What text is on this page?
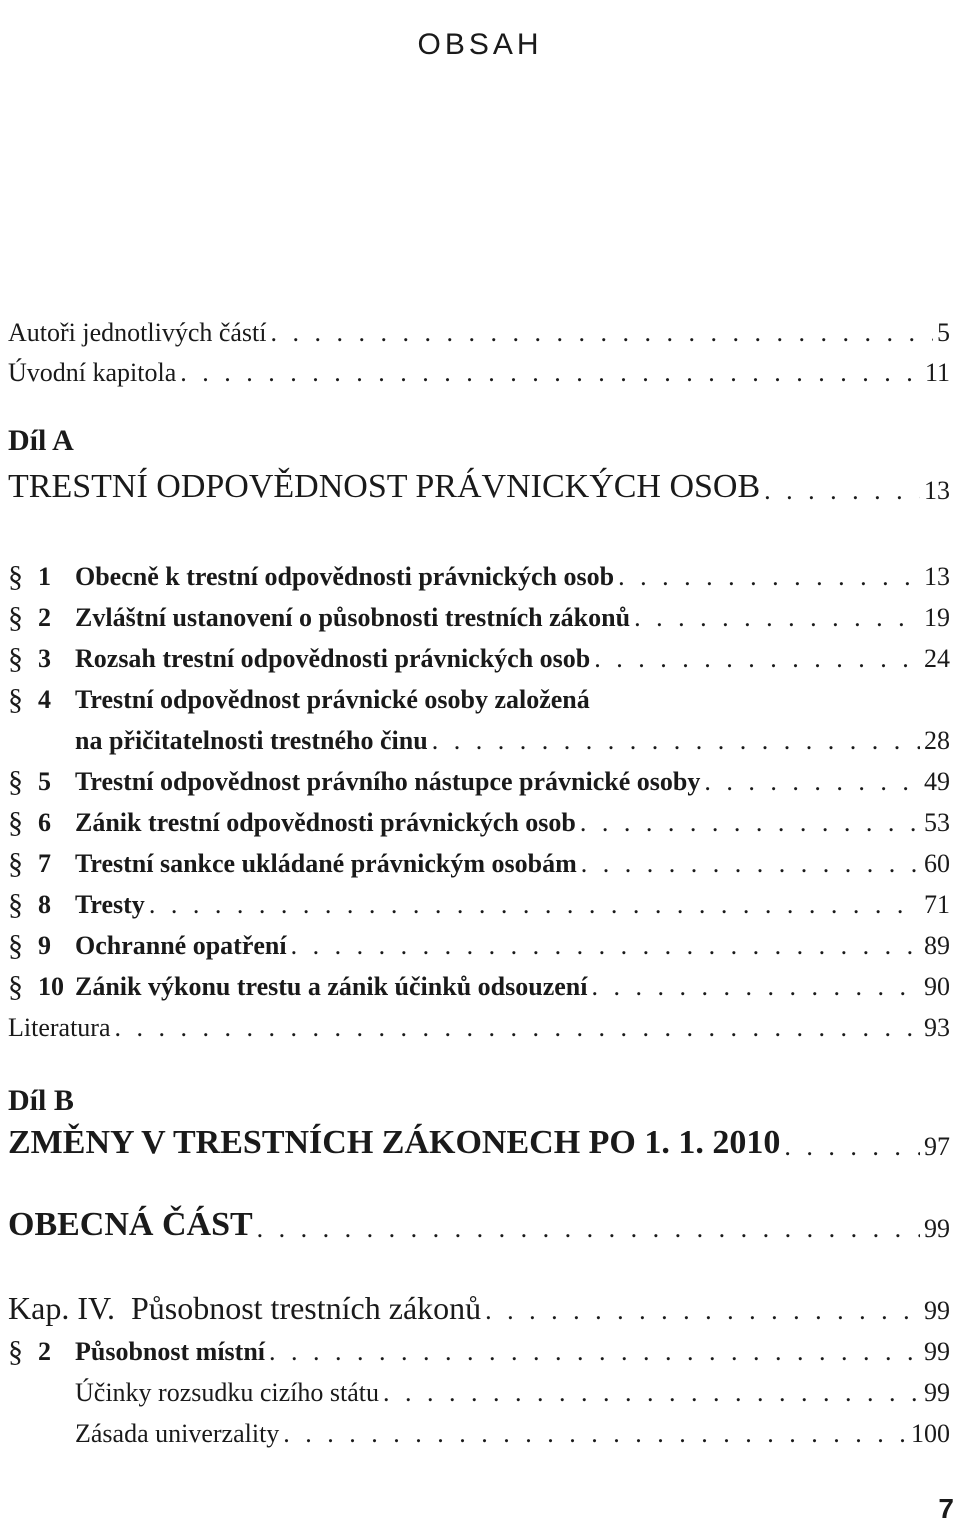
OBSAH
Autoři jednotlivých částí . . .	5
Úvodní kapitola . . .	11
Díl A
TRESTNÍ ODPOVĚDNOST PRÁVNICKÝCH OSOB . . .	13
§ 1 Obecně k trestní odpovědnosti právnických osob . . .	13
§ 2 Zvláštní ustanovení o působnosti trestních zákonů . . .	19
§ 3 Rozsah trestní odpovědnosti právnických osob . . .	24
§ 4 Trestní odpovědnost právnické osoby založená
na přičitatelnosti trestného činu . . .	28
§ 5 Trestní odpovědnost právního nástupce právnické osoby . . .	49
§ 6 Zánik trestní odpovědnosti právnických osob . . .	53
§ 7 Trestní sankce ukládané právnickým osobám . . .	60
§ 8 Tresty . . .	71
§ 9 Ochranné opatření . . .	89
§ 10 Zánik výkonu trestu a zánik účinků odsouzení . . .	90
Literatura . . .	93
Díl B
ZMĚNY V TRESTNÍCH ZÁKONECH PO 1. 1. 2010 . . .	97
OBECNÁ ČÁST . . .	99
Kap. IV.  Působnost trestních zákonů . . .	99
§ 2 Působnost místní . . .	99
Účinky rozsudku cizího státu . . .	99
Zásada univerzality . . .	100
7
